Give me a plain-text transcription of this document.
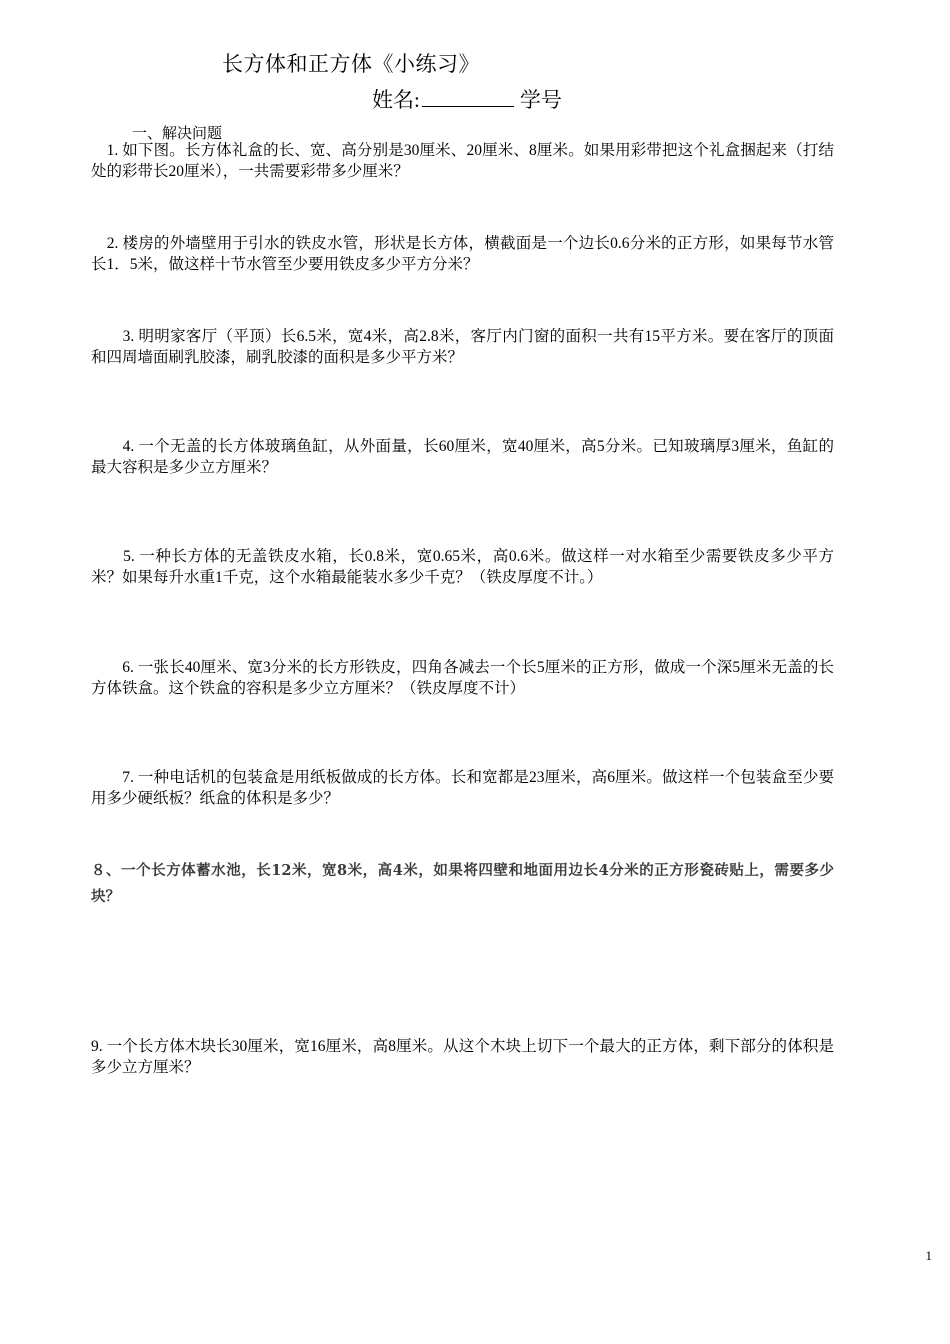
长方体和正方体《小练习》
姓名:	学号
一、解决问题
　1. 如下图。长方体礼盒的长、宽、高分别是30厘米、20厘米、8厘米。如果用彩带把这个礼盒捆起来（打结处的彩带长20厘米），一共需要彩带多少厘米？
　2. 楼房的外墙壁用于引水的铁皮水管，形状是长方体，横截面是一个边长0.6分米的正方形，如果每节水管长1．5米，做这样十节水管至少要用铁皮多少平方分米？
　　3. 明明家客厅（平顶）长6.5米，宽4米，高2.8米，客厅内门窗的面积一共有15平方米。要在客厅的顶面和四周墙面刷乳胶漆，刷乳胶漆的面积是多少平方米？
　　4. 一个无盖的长方体玻璃鱼缸，从外面量，长60厘米，宽40厘米，高5分米。已知玻璃厚3厘米，鱼缸的最大容积是多少立方厘米？
　　5. 一种长方体的无盖铁皮水箱，长0.8米，宽0.65米，高0.6米。做这样一对水箱至少需要铁皮多少平方米？如果每升水重1千克，这个水箱最能装水多少千克？（铁皮厚度不计。）
　　6. 一张长40厘米、宽3分米的长方形铁皮，四角各减去一个长5厘米的正方形，做成一个深5厘米无盖的长方体铁盒。这个铁盒的容积是多少立方厘米？（铁皮厚度不计）
　　7. 一种电话机的包装盒是用纸板做成的长方体。长和宽都是23厘米，高6厘米。做这样一个包装盒至少要用多少硬纸板？纸盒的体积是多少？
８、一个长方体蓄水池，长12米，宽8米，高4米，如果将四壁和地面用边长4分米的正方形瓷砖贴上，需要多少块？
9. 一个长方体木块长30厘米，宽16厘米，高8厘米。从这个木块上切下一个最大的正方体，剩下部分的体积是多少立方厘米？
1
